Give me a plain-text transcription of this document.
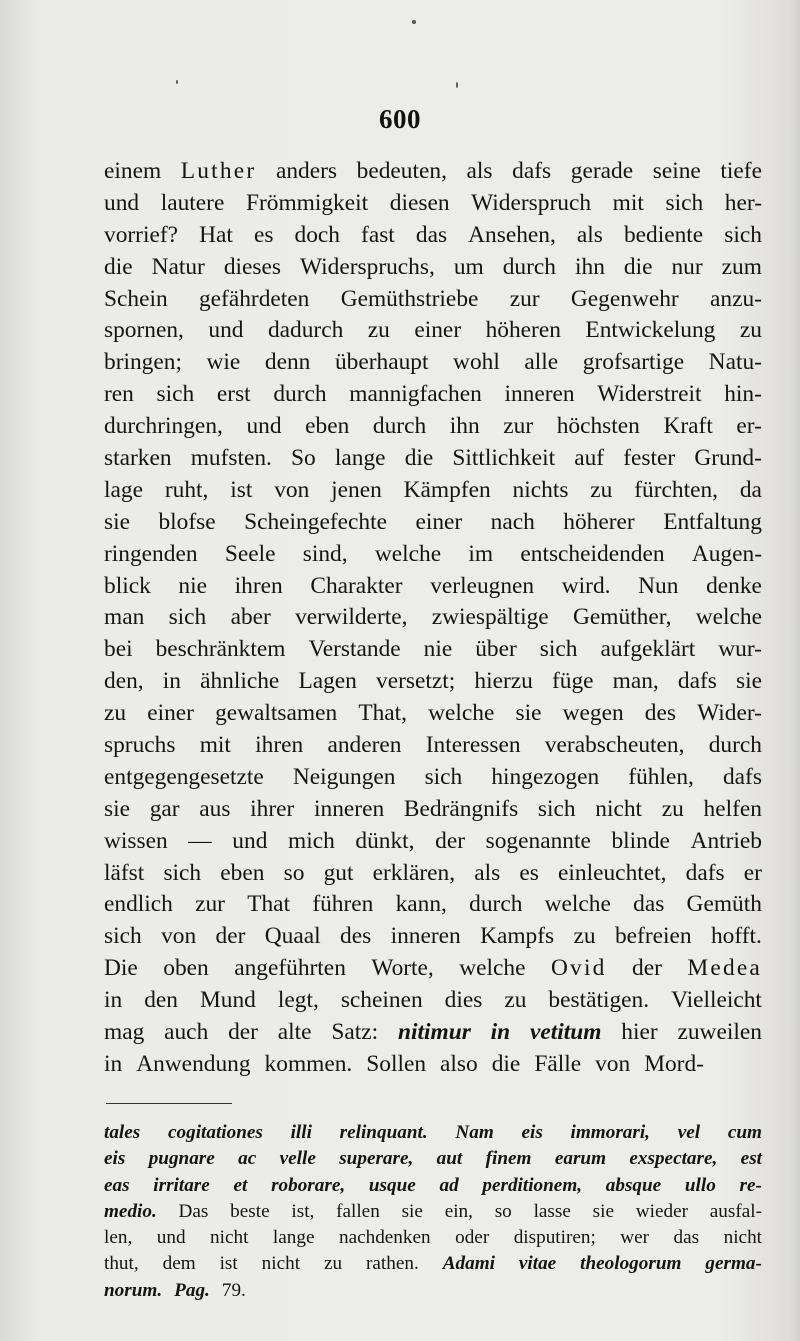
600
einem Luther anders bedeuten, als dafs gerade seine tiefe
und lautere Frömmigkeit diesen Widerspruch mit sich her-
vorrief? Hat es doch fast das Ansehen, als bediente sich
die Natur dieses Widerspruchs, um durch ihn die nur zum
Schein gefährdeten Gemüthstriebe zur Gegenwehr anzu-
spornen, und dadurch zu einer höheren Entwickelung zu
bringen; wie denn überhaupt wohl alle grofsartige Natu-
ren sich erst durch mannigfachen inneren Widerstreit hin-
durchringen, und eben durch ihn zur höchsten Kraft er-
starken mufsten. So lange die Sittlichkeit auf fester Grund-
lage ruht, ist von jenen Kämpfen nichts zu fürchten, da
sie blofse Scheingefechte einer nach höherer Entfaltung
ringenden Seele sind, welche im entscheidenden Augen-
blick nie ihren Charakter verleugnen wird. Nun denke
man sich aber verwilderte, zwiespältige Gemüther, welche
bei beschränktem Verstande nie über sich aufgeklärt wur-
den, in ähnliche Lagen versetzt; hierzu füge man, dafs sie
zu einer gewaltsamen That, welche sie wegen des Wider-
spruchs mit ihren anderen Interessen verabscheuten, durch
entgegengesetzte Neigungen sich hingezogen fühlen, dafs
sie gar aus ihrer inneren Bedrängnifs sich nicht zu helfen
wissen — und mich dünkt, der sogenannte blinde Antrieb
läfst sich eben so gut erklären, als es einleuchtet, dafs er
endlich zur That führen kann, durch welche das Gemüth
sich von der Quaal des inneren Kampfs zu befreien hofft.
Die oben angeführten Worte, welche Ovid der Medea
in den Mund legt, scheinen dies zu bestätigen. Vielleicht
mag auch der alte Satz: nitimur in vetitum hier zuweilen
in Anwendung kommen. Sollen also die Fälle von Mord-
tales cogitationes illi relinquant. Nam eis immorari, vel cum
eis pugnare ac velle superare, aut finem earum exspectare, est
eas irritare et roborare, usque ad perditionem, absque ullo re-
medio. Das beste ist, fallen sie ein, so lasse sie wieder ausfal-
len, und nicht lange nachdenken oder disputiren; wer das nicht
thut, dem ist nicht zu rathen. Adami vitae theologorum germa-
norum. Pag. 79.
